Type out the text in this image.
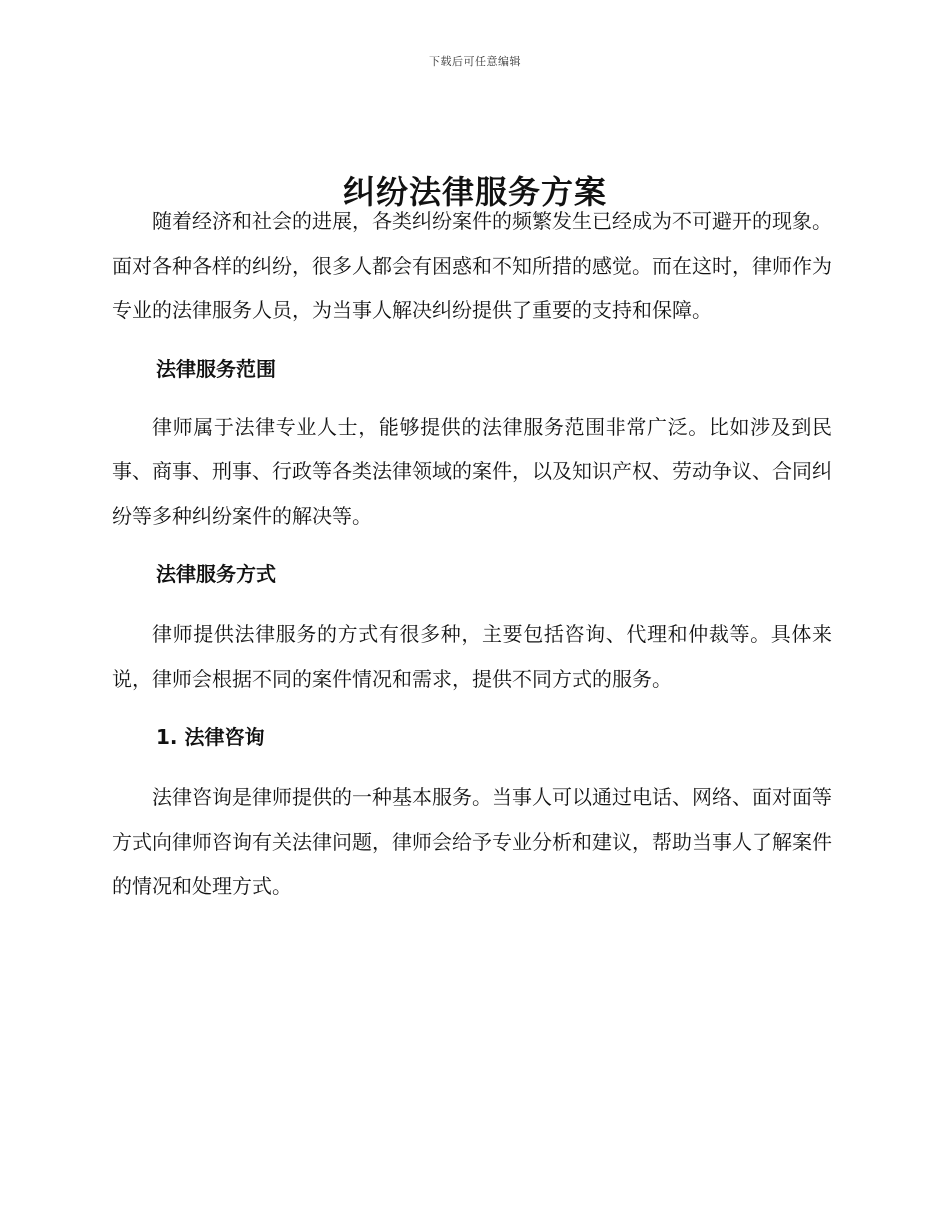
下载后可任意编辑
纠纷法律服务方案

随着经济和社会的进展，各类纠纷案件的频繁发生已经成为不可避开的现象。面对各种各样的纠纷，很多人都会有困惑和不知所措的感觉。而在这时，律师作为专业的法律服务人员，为当事人解决纠纷提供了重要的支持和保障。

法律服务范围

律师属于法律专业人士，能够提供的法律服务范围非常广泛。比如涉及到民事、商事、刑事、行政等各类法律领域的案件，以及知识产权、劳动争议、合同纠纷等多种纠纷案件的解决等。

法律服务方式

律师提供法律服务的方式有很多种，主要包括咨询、代理和仲裁等。具体来说，律师会根据不同的案件情况和需求，提供不同方式的服务。

1. 法律咨询

法律咨询是律师提供的一种基本服务。当事人可以通过电话、网络、面对面等方式向律师咨询有关法律问题，律师会给予专业分析和建议，帮助当事人了解案件的情况和处理方式。
